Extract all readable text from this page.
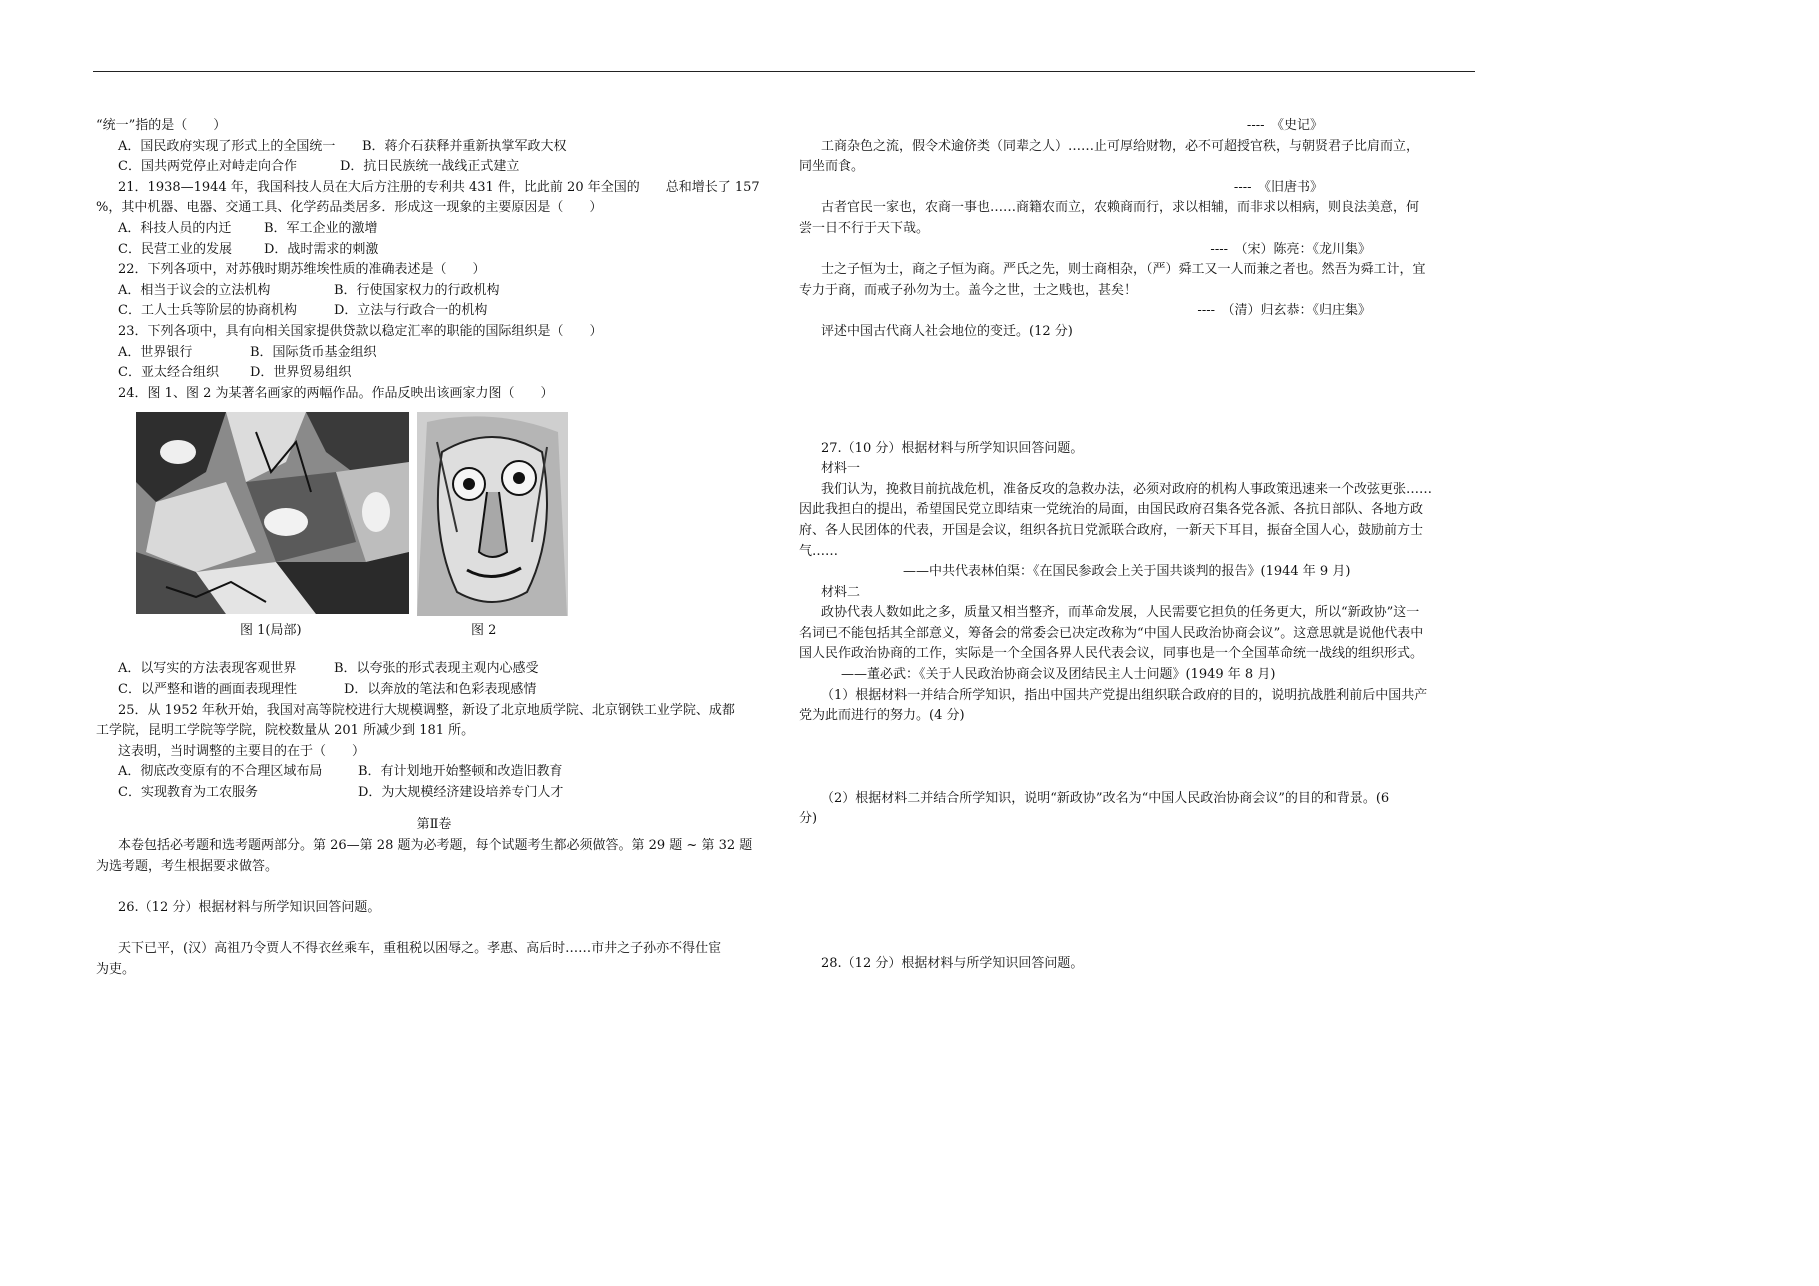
“统一”指的是（　　）
A．国民政府实现了形式上的全国统一	B．蒋介石获释并重新执掌军政大权
C．国共两党停止对峙走向合作	D．抗日民族统一战线正式建立
21．1938—1944 年，我国科技人员在大后方注册的专利共 431 件，比此前 20 年全国的　　总和增长了 157
%，其中机器、电器、交通工具、化学药品类居多．形成这一现象的主要原因是（　　）
A．科技人员的内迁	B．军工企业的激增
C．民营工业的发展	D．战时需求的刺激
22．下列各项中，对苏俄时期苏维埃性质的准确表述是（　　）
A．相当于议会的立法机构	B．行使国家权力的行政机构
C．工人士兵等阶层的协商机构	D．立法与行政合一的机构
23．下列各项中，具有向相关国家提供贷款以稳定汇率的职能的国际组织是（　　）
A．世界银行	B．国际货币基金组织
C．亚太经合组织	D．世界贸易组织
24．图 1、图 2 为某著名画家的两幅作品。作品反映出该画家力图（　　）
图 1(局部)	图 2
A．以写实的方法表现客观世界	B．以夸张的形式表现主观内心感受
C．以严整和谐的画面表现理性	D．以奔放的笔法和色彩表现感情
25．从 1952 年秋开始，我国对高等院校进行大规模调整，新设了北京地质学院、北京钢铁工业学院、成都
工学院，昆明工学院等学院，院校数量从 201 所减少到 181 所。
这表明，当时调整的主要目的在于（　　）
A．彻底改变原有的不合理区域布局	B．有计划地开始整顿和改造旧教育
C．实现教育为工农服务	D．为大规模经济建设培养专门人才
第Ⅱ卷
本卷包括必考题和选考题两部分。第 26—第 28 题为必考题，每个试题考生都必须做答。第 29 题 ~ 第 32 题
为选考题，考生根据要求做答。
26.（12 分）根据材料与所学知识回答问题。
天下已平，(汉）高祖乃令贾人不得衣丝乘车，重租税以困辱之。孝惠、高后时……市井之子孙亦不得仕宦
为吏。
----　《史记》
工商杂色之流，假令术逾侪类（同辈之人）……止可厚给财物，必不可超授官秩，与朝贤君子比肩而立，
同坐而食。
----　《旧唐书》
古者官民一家也，农商一事也……商籍农而立，农赖商而行，求以相辅，而非求以相病，则良法美意，何
尝一日不行于天下哉。
----　（宋）陈亮：《龙川集》
士之子恒为士，商之子恒为商。严氏之先，则士商相杂，（严）舜工又一人而兼之者也。然吾为舜工计，宜
专力于商，而戒子孙勿为士。盖今之世，士之贱也，甚矣！
----　（清）归玄恭：《归庄集》
评述中国古代商人社会地位的变迁。(12 分)
27.（10 分）根据材料与所学知识回答问题。
材料一
我们认为，挽救目前抗战危机，准备反攻的急救办法，必须对政府的机构人事政策迅速来一个改弦更张……
因此我担白的提出，希望国民党立即结束一党统治的局面，由国民政府召集各党各派、各抗日部队、各地方政
府、各人民团体的代表，开国是会议，组织各抗日党派联合政府，一新天下耳目，振奋全国人心，鼓励前方士
气……
——中共代表林伯渠：《在国民参政会上关于国共谈判的报告》(1944 年 9 月)
材料二
政协代表人数如此之多，质量又相当整齐，而革命发展，人民需要它担负的任务更大，所以“新政协”这一
名词已不能包括其全部意义，筹备会的常委会已决定改称为“中国人民政治协商会议”。这意思就是说他代表中
国人民作政治协商的工作，实际是一个全国各界人民代表会议，同事也是一个全国革命统一战线的组织形式。
——董必武：《关于人民政治协商会议及团结民主人士问题》(1949 年 8 月)
（1）根据材料一并结合所学知识，指出中国共产党提出组织联合政府的目的，说明抗战胜利前后中国共产
党为此而进行的努力。(4 分)
（2）根据材料二并结合所学知识，说明“新政协”改名为“中国人民政治协商会议”的目的和背景。(6
分)
28.（12 分）根据材料与所学知识回答问题。
